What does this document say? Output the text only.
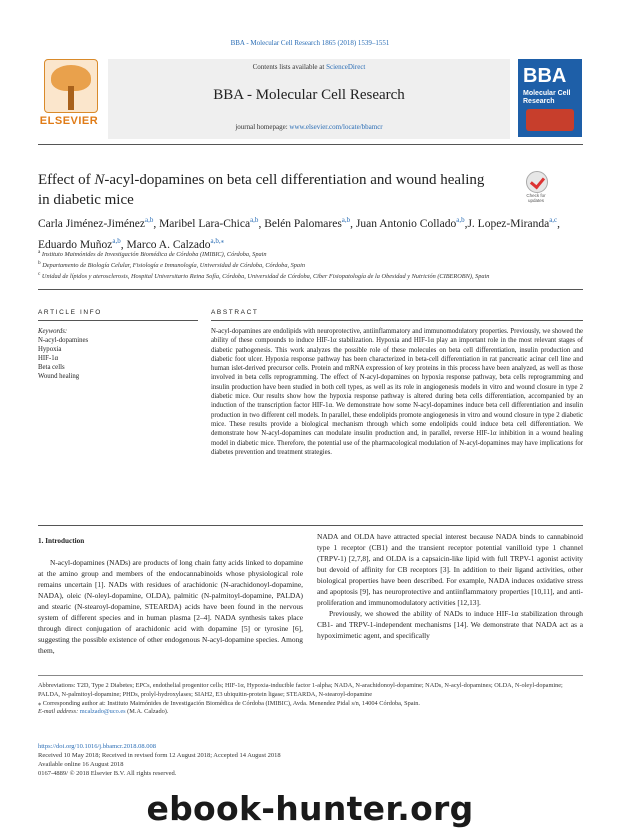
BBA - Molecular Cell Research 1865 (2018) 1539–1551
ELSEVIER
Contents lists available at ScienceDirect
BBA - Molecular Cell Research
journal homepage: www.elsevier.com/locate/bbamcr
BBA
Molecular Cell Research
Effect of N-acyl-dopamines on beta cell differentiation and wound healing in diabetic mice	Check for updates
Carla Jiménez-Jiménez$^{a,b}$, Maribel Lara-Chica$^{a,b}$, Belén Palomares$^{a,b}$, Juan Antonio Collado$^{a,b}$,J. Lopez-Miranda$^{a,c}$, Eduardo Muñoz$^{a,b}$, Marco A. Calzado$^{a,b,⁎}$
$^a$ Instituto Maimónides de Investigación Biomédica de Córdoba (IMIBIC), Córdoba, Spain
$^b$ Departamento de Biología Celular, Fisiología e Inmunología, Universidad de Córdoba, Córdoba, Spain
$^c$ Unidad de lípidos y aterosclerosis, Hospital Universitario Reina Sofía, Córdoba, Universidad de Córdoba, Ciber Fisiopatología de la Obesidad y Nutrición (CIBEROBN), Spain
ARTICLE INFO	ABSTRACT
Keywords:
N-acyl-dopamines
Hypoxia
HIF-1α
Beta cells
Wound healing
N-acyl-dopamines are endolipids with neuroprotective, antiinflammatory and immunomodulatory properties. Previously, we showed the ability of these compounds to induce HIF-1α stabilization. Hypoxia and HIF-1α play an important role in the most relevant stages of diabetic pathogenesis. This work analyzes the possible role of these molecules on beta cell differentiation, insulin production and diabetic foot ulcer. Hypoxia response pathway has been characterized in beta-cell differentiation in rat pancreatic acinar cell line and human islet-derived precursor cells. Protein and mRNA expression of key proteins in this process have been analyzed, as well as those involved in beta cells reprogramming. The effect of N-acyl-dopamines on hypoxia response pathway, beta cells reprogramming and insulin production have been studied in both cell types, as well as its role in angiogenesis models in vitro and wound closure in type 2 diabetic mice. Our results show how the hypoxia response pathway is altered during beta cells differentiation, accompanied by an induction of the transcription factor HIF-1α. We demonstrate how some N-acyl-dopamines induce beta cell differentiation and insulin production in two different cell models. In parallel, these endolipids promote angiogenesis in vitro and wound closure in type 2 diabetic mice. These results provide a biological mechanism through which some endolipids could induce beta cell differentiation. We demonstrate how N-acyl-dopamines can modulate insulin production and, in parallel, reverse HIF-1α inhibition in a wound healing model in diabetic mice. Therefore, the potential use of the pharmacological modulation of N-acyl-dopamines may have implications for diabetes prevention and treatment strategies.
1. Introduction
N-acyl-dopamines (NADs) are products of long chain fatty acids linked to dopamine at the amino group and members of the endocannabinoids whose physiological role remains uncertain [1]. NADs with residues of arachidonic (N-arachidonoyl-dopamine, NADA), oleic (N-oleyl-dopamine, OLDA), palmitic (N-palmitoyl-dopamine, PALDA) and stearic (N-stearoyl-dopamine, STEARDA) acids have been found in the nervous system of different species and in human plasma [2–4]. NADA synthesis takes place through direct conjugation of arachidonic acid with dopamine [5] or tyrosine [6], suggesting the possible existence of other endogenous N-acyl-dopamine species. Among them,
NADA and OLDA have attracted special interest because NADA binds to cannabinoid type 1 receptor (CB1) and the transient receptor potential vanilloid type 1 channel (TRPV-1) [2,7,8], and OLDA is a capsaicin-like lipid with full TRPV-1 agonist activity but devoid of affinity for CB receptors [3]. In addition to their ligand activities, other biological properties have been described. For example, NADA induces oxidative stress and apoptosis [9], has neuroprotective and antiinflammatory properties [10,11], and anti-proliferation and immunomodulatory activities [12,13].
Previously, we showed the ability of NADs to induce HIF-1α stabilization through CB1- and TRPV-1-independent mechanisms [14]. We demonstrate that NADA act as a hypoximimetic agent, and specifically
Abbreviations: T2D, Type 2 Diabetes; EPCs, endothelial progenitor cells; HIF-1α, Hypoxia-inducible factor 1-alpha; NADA, N-arachidonoyl-dopamine; NADs, N-acyl-dopamines; OLDA, N-oleyl-dopamine; PALDA, N-palmitoyl-dopamine; PHDs, prolyl-hydroxylases; SIAH2, E3 ubiquitin-protein ligase; STEARDA, N-stearoyl-dopamine
⁎ Corresponding author at: Instituto Maimónides de Investigación Biomédica de Córdoba (IMIBIC), Avda. Menendez Pidal s/n, 14004 Córdoba, Spain.
E-mail address: mcalzado@uco.es (M.A. Calzado).
https://doi.org/10.1016/j.bbamcr.2018.08.008
Received 10 May 2018; Received in revised form 12 August 2018; Accepted 14 August 2018
Available online 16 August 2018
0167-4889/ © 2018 Elsevier B.V. All rights reserved.
ebook-hunter.org
